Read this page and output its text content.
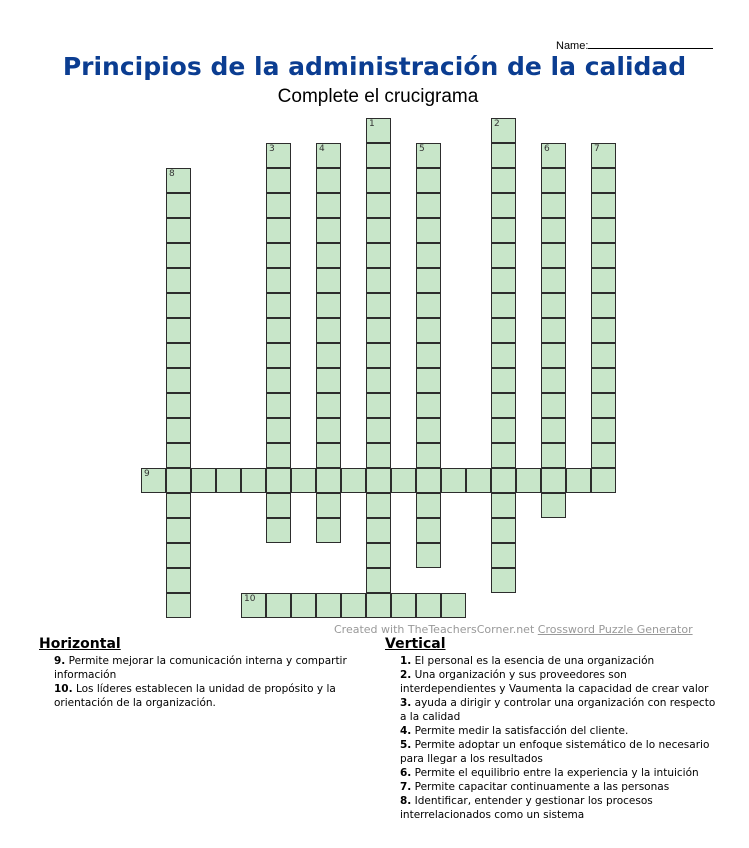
Name:
Principios de la administración de la calidad
Complete el crucigrama
1	2
3	4	5	6	7
8
9
10
Created with TheTeachersCorner.net Crossword Puzzle Generator
Horizontal
9. Permite mejorar la comunicación interna y compartir información
10. Los líderes establecen la unidad de propósito y la orientación de la organización.
Vertical
1. El personal es la esencia de una organización
2. Una organización y sus proveedores son interdependientes y Vaumenta la capacidad de crear valor
3. ayuda a dirigir y controlar una organización con respecto a la calidad
4. Permite medir la satisfacción del cliente.
5. Permite adoptar un enfoque sistemático de lo necesario para llegar a los resultados
6. Permite el equilibrio entre la experiencia y la intuición
7. Permite capacitar continuamente a las personas
8. Identificar, entender y gestionar los procesos interrelacionados como un sistema
